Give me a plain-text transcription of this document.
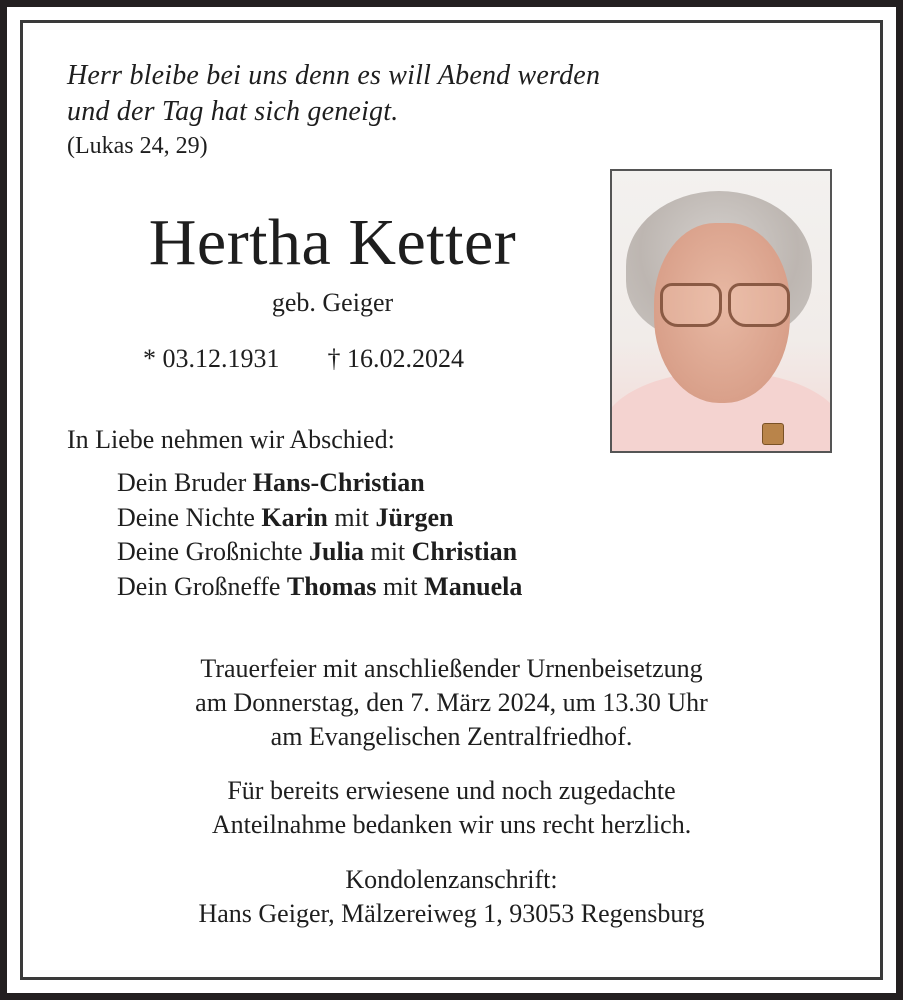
Herr bleibe bei uns denn es will Abend werden
und der Tag hat sich geneigt.
(Lukas 24, 29)
Hertha Ketter
geb. Geiger
* 03.12.1931 † 16.02.2024
In Liebe nehmen wir Abschied:
Dein Bruder Hans-Christian
Deine Nichte Karin mit Jürgen
Deine Großnichte Julia mit Christian
Dein Großneffe Thomas mit Manuela
Trauerfeier mit anschließender Urnenbeisetzung
am Donnerstag, den 7. März 2024, um 13.30 Uhr
am Evangelischen Zentralfriedhof.
Für bereits erwiesene und noch zugedachte
Anteilnahme bedanken wir uns recht herzlich.
Kondolenzanschrift:
Hans Geiger, Mälzereiweg 1, 93053 Regensburg
